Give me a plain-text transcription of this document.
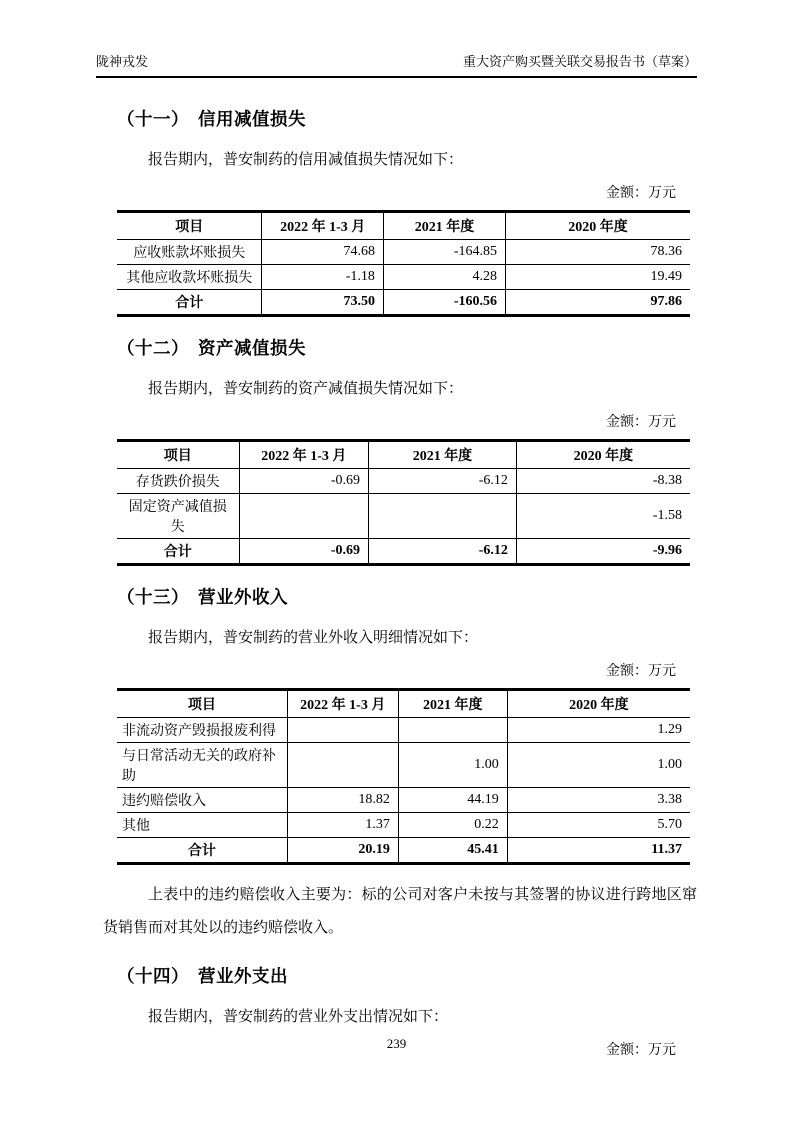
陇神戎发	重大资产购买暨关联交易报告书（草案）
（十一） 信用减值损失

报告期内，普安制药的信用减值损失情况如下：

金额：万元
项目	2022 年 1-3 月	2021 年度	2020 年度
应收账款坏账损失	74.68	-164.85	78.36
其他应收款坏账损失	-1.18	4.28	19.49
合计	73.50	-160.56	97.86
（十二） 资产减值损失

报告期内，普安制药的资产减值损失情况如下：

金额：万元
项目	2022 年 1-3 月	2021 年度	2020 年度
存货跌价损失	-0.69	-6.12	-8.38
固定资产减值损失			-1.58
合计	-0.69	-6.12	-9.96
（十三） 营业外收入

报告期内，普安制药的营业外收入明细情况如下：

金额：万元
项目	2022 年 1-3 月	2021 年度	2020 年度
非流动资产毁损报废利得			1.29
与日常活动无关的政府补助		1.00	1.00
违约赔偿收入	18.82	44.19	3.38
其他	1.37	0.22	5.70
合计	20.19	45.41	11.37

上表中的违约赔偿收入主要为：标的公司对客户未按与其签署的协议进行跨地区窜货销售而对其处以的违约赔偿收入。

（十四） 营业外支出

报告期内，普安制药的营业外支出情况如下：

金额：万元
239
